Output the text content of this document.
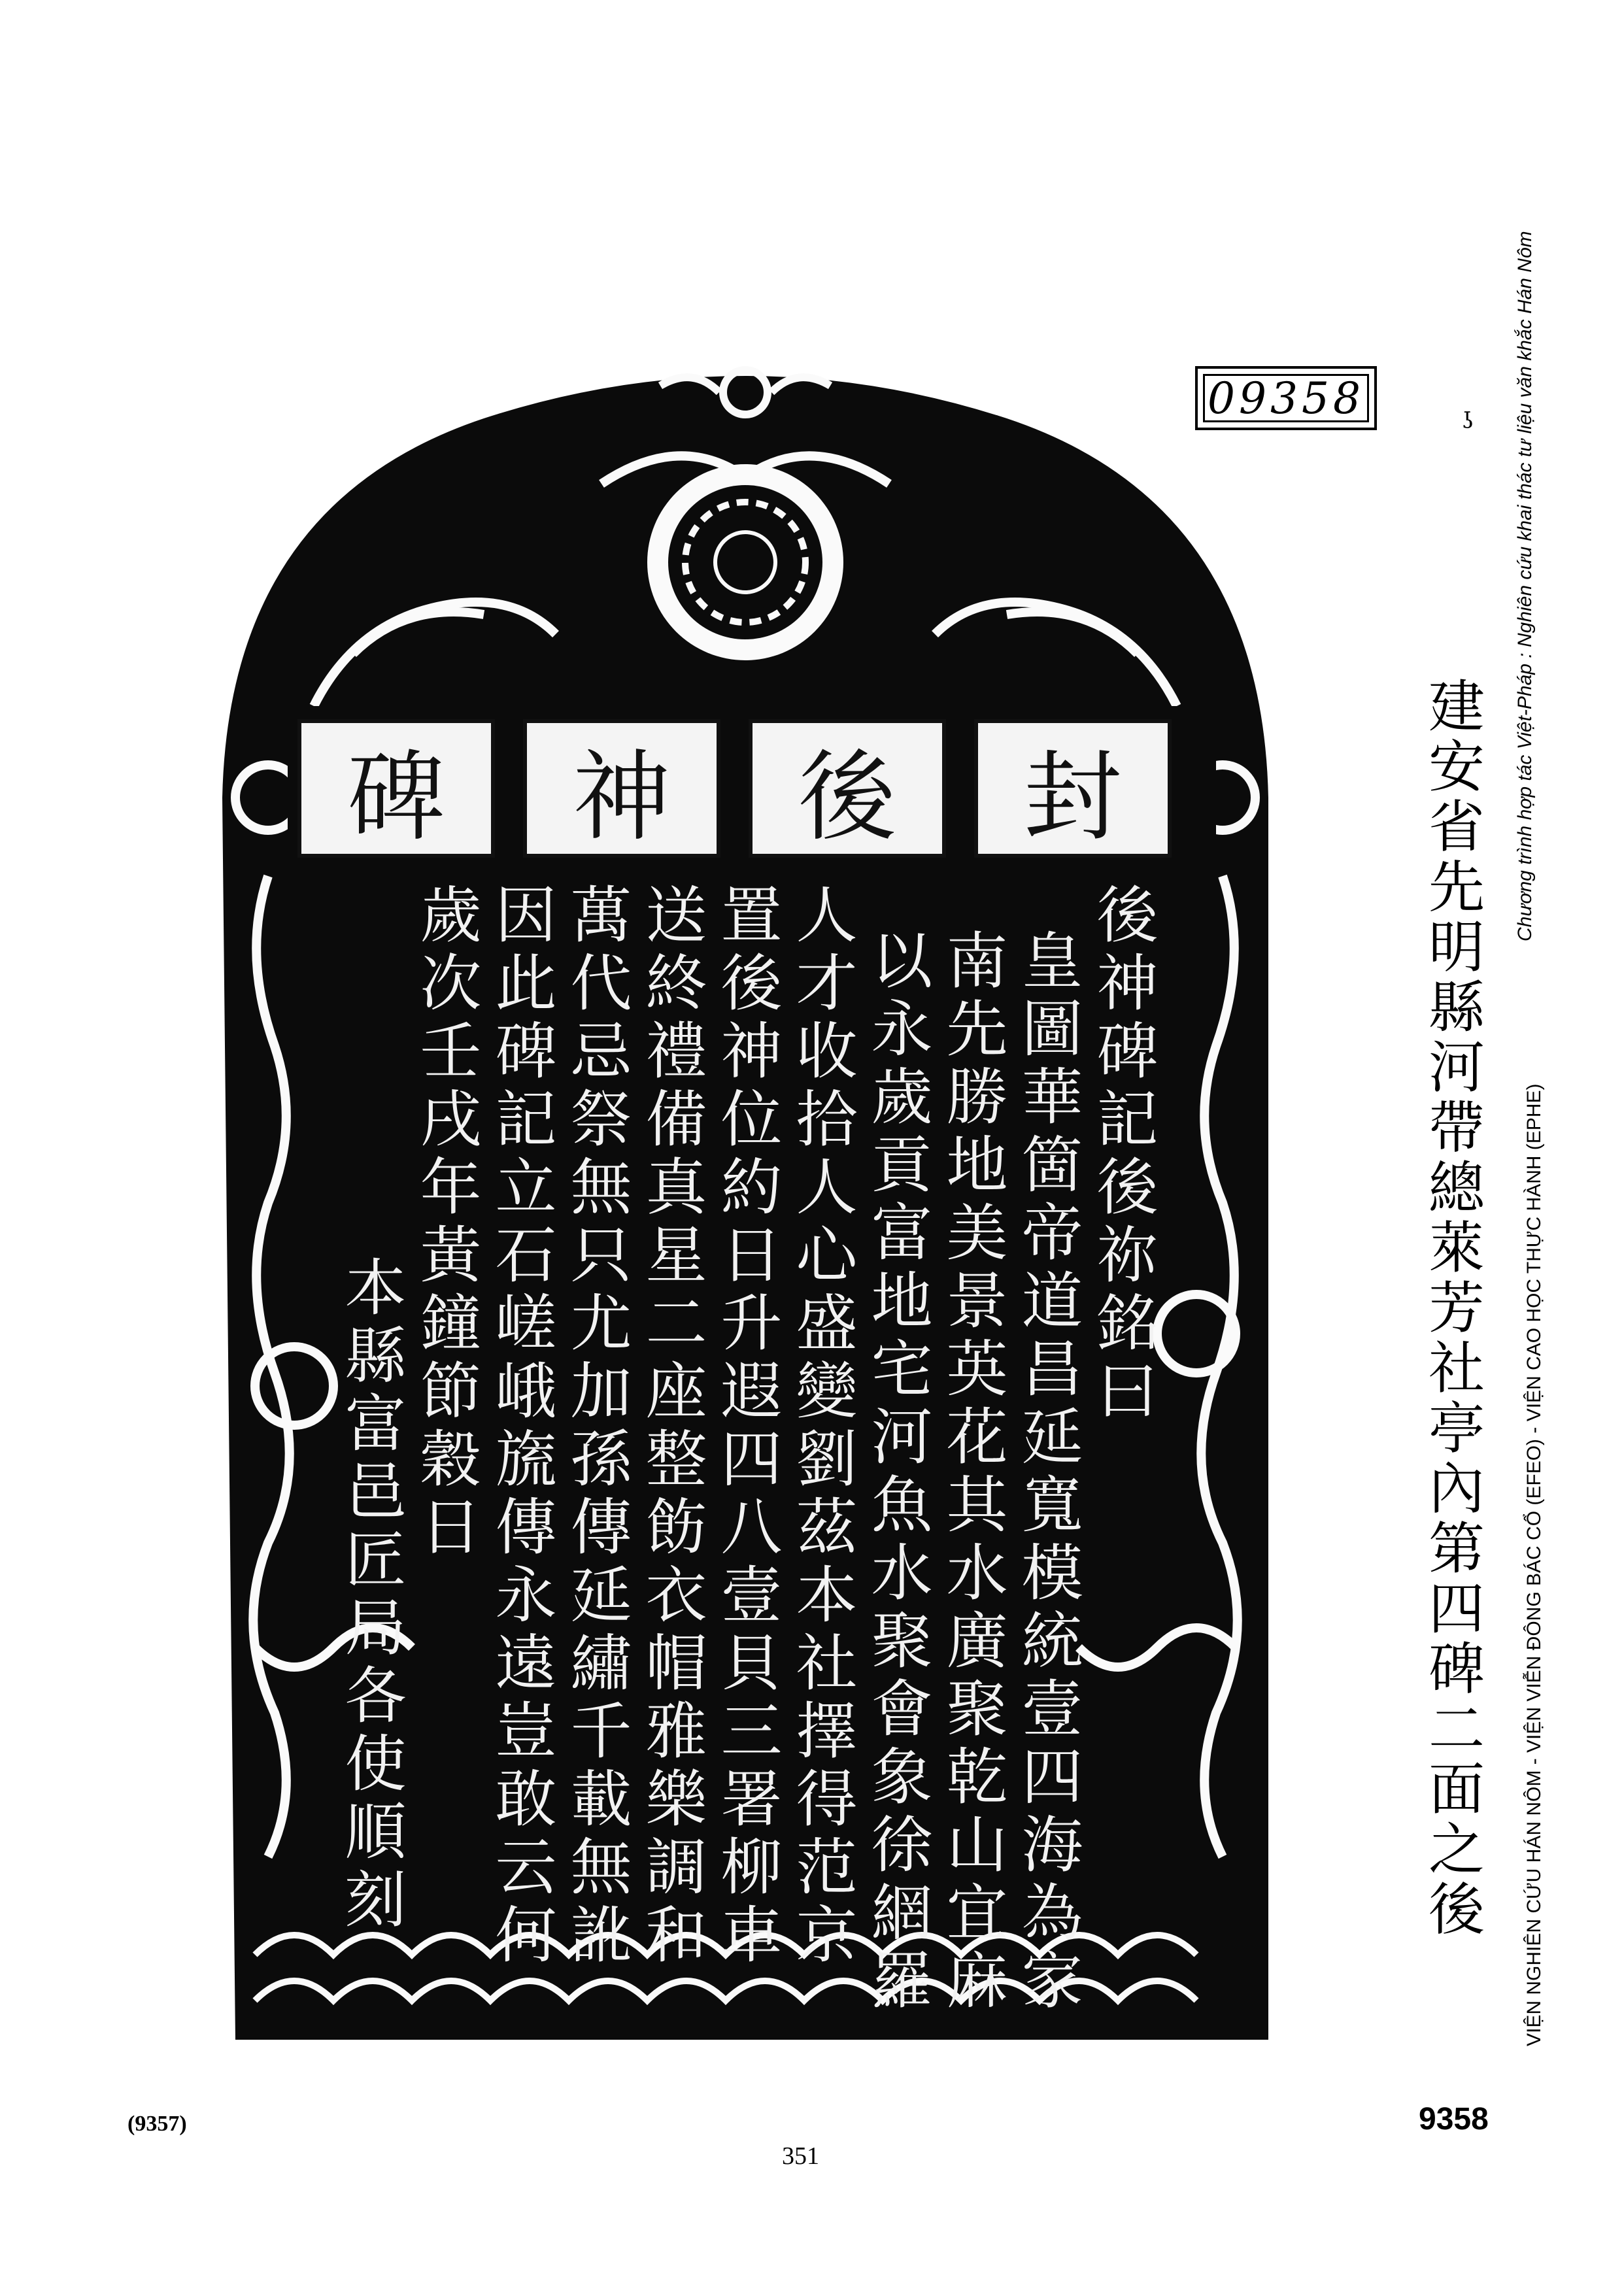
封
後
神
碑
後神碑記後祢銘曰
皇圖華箇帝道昌延寬模統壹四海為家
南先勝地美景英花其水廣聚乾山宜麻
以永歲貢富地宅河魚水聚會象徐網羅
人才收拾人心盛變劉茲本社擇得范京
置後神位約日升遐四八壹貝三署柳車
送終禮備真星二座整飭衣帽雅樂調和
萬代忌祭無只尤加孫傳延繡千載無訛
因此碑記立石嵯峨旒傳永遠豈敢云何
歲次壬戌年黃鐘節穀日
本縣富邑匠局各使順刻
09358	ʖ
建安省先明縣河帶總萊芳社亭內第四碑二面之後
Chương trình hợp tác Việt-Pháp : Nghiên cứu khai thác tư liệu văn khắc Hán Nôm
VIỆN NGHIÊN CỨU HÁN NÔM - VIỆN VIỄN ĐÔNG BÁC CỔ (EFEO) - VIỆN CAO HỌC THỰC HÀNH (EPHE)
(9357)	9358
351
